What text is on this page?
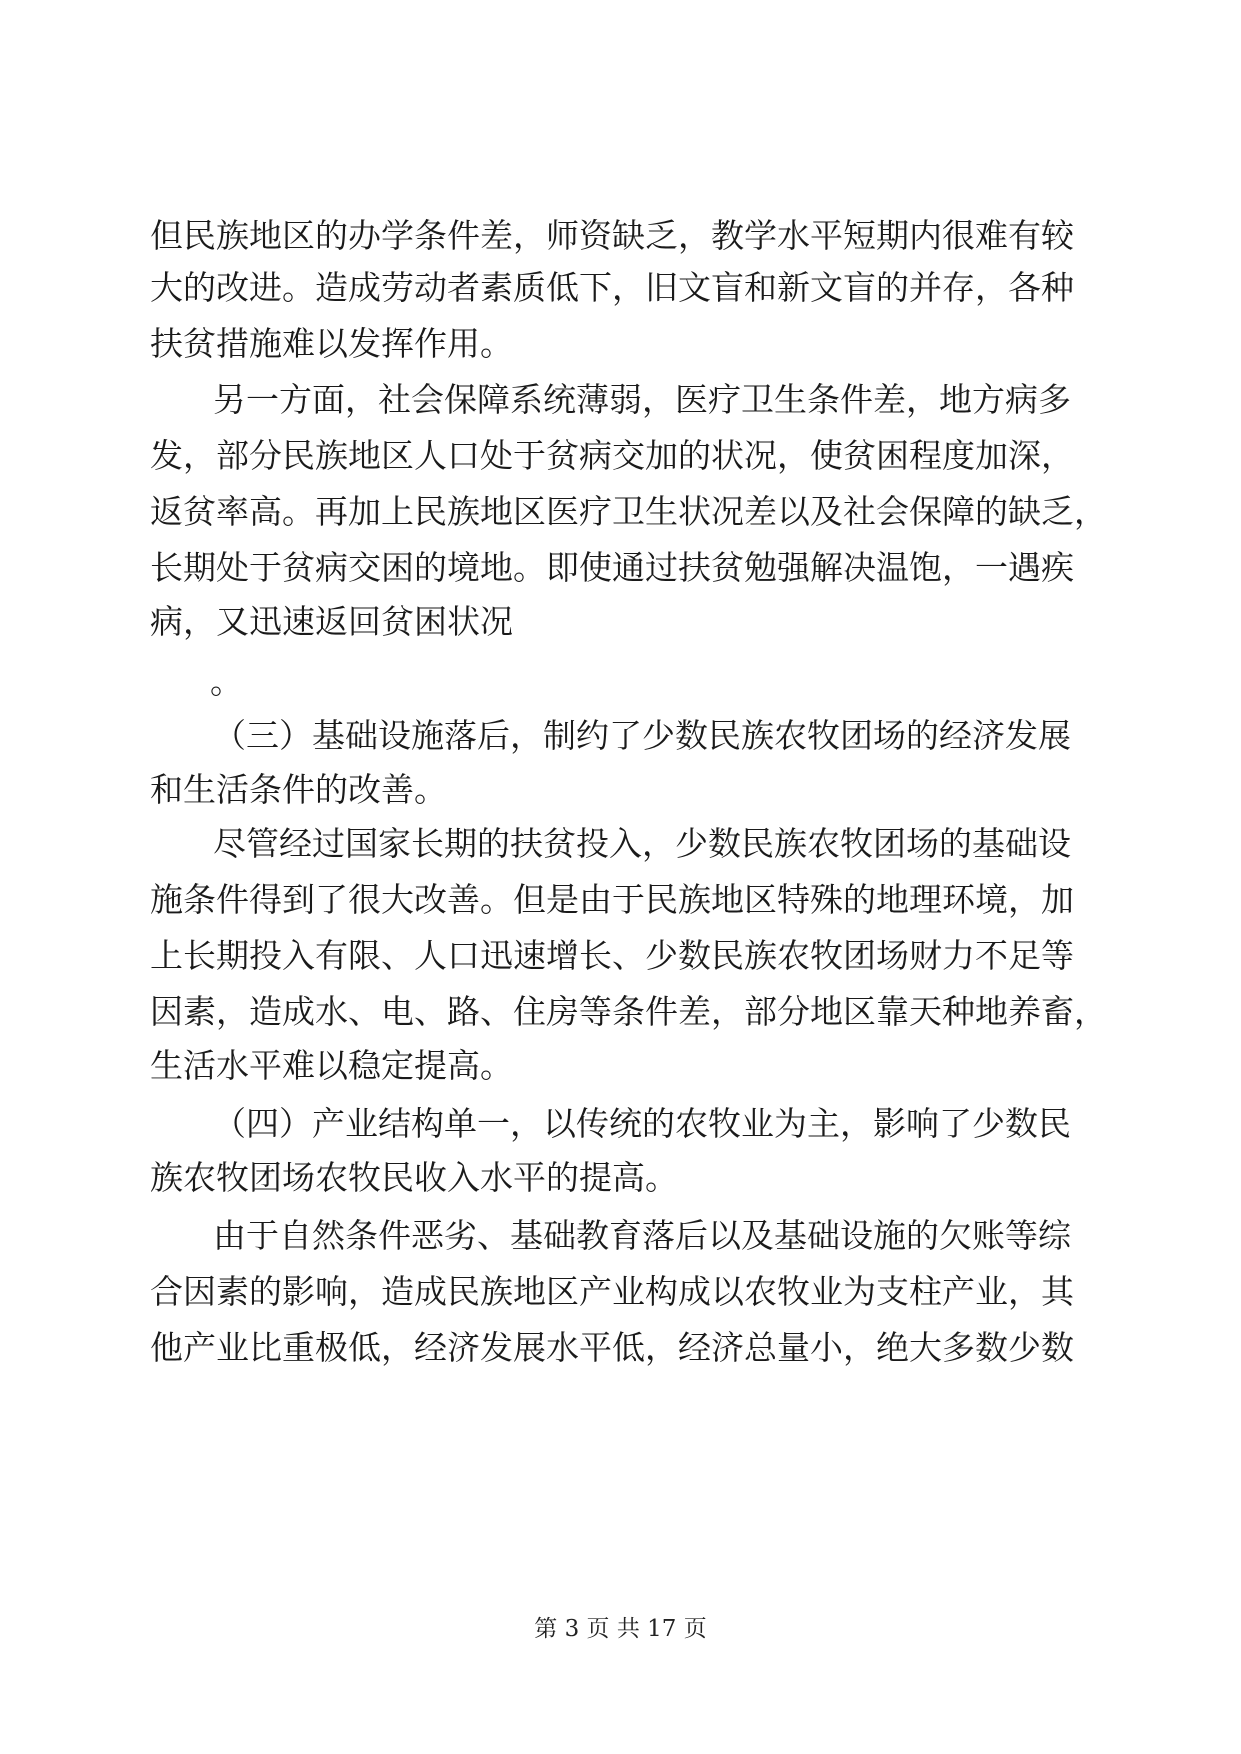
但民族地区的办学条件差，师资缺乏，教学水平短期内很难有较
大的改进。造成劳动者素质低下，旧文盲和新文盲的并存，各种
扶贫措施难以发挥作用。
另一方面，社会保障系统薄弱，医疗卫生条件差，地方病多
发，部分民族地区人口处于贫病交加的状况，使贫困程度加深，
返贫率高。再加上民族地区医疗卫生状况差以及社会保障的缺乏，
长期处于贫病交困的境地。即使通过扶贫勉强解决温饱，一遇疾
病，又迅速返回贫困状况
。
（三）基础设施落后，制约了少数民族农牧团场的经济发展
和生活条件的改善。
尽管经过国家长期的扶贫投入，少数民族农牧团场的基础设
施条件得到了很大改善。但是由于民族地区特殊的地理环境，加
上长期投入有限、人口迅速增长、少数民族农牧团场财力不足等
因素，造成水、电、路、住房等条件差，部分地区靠天种地养畜，
生活水平难以稳定提高。
（四）产业结构单一，以传统的农牧业为主，影响了少数民
族农牧团场农牧民收入水平的提高。
由于自然条件恶劣、基础教育落后以及基础设施的欠账等综
合因素的影响，造成民族地区产业构成以农牧业为支柱产业，其
他产业比重极低，经济发展水平低，经济总量小，绝大多数少数
第 3 页 共 17 页
